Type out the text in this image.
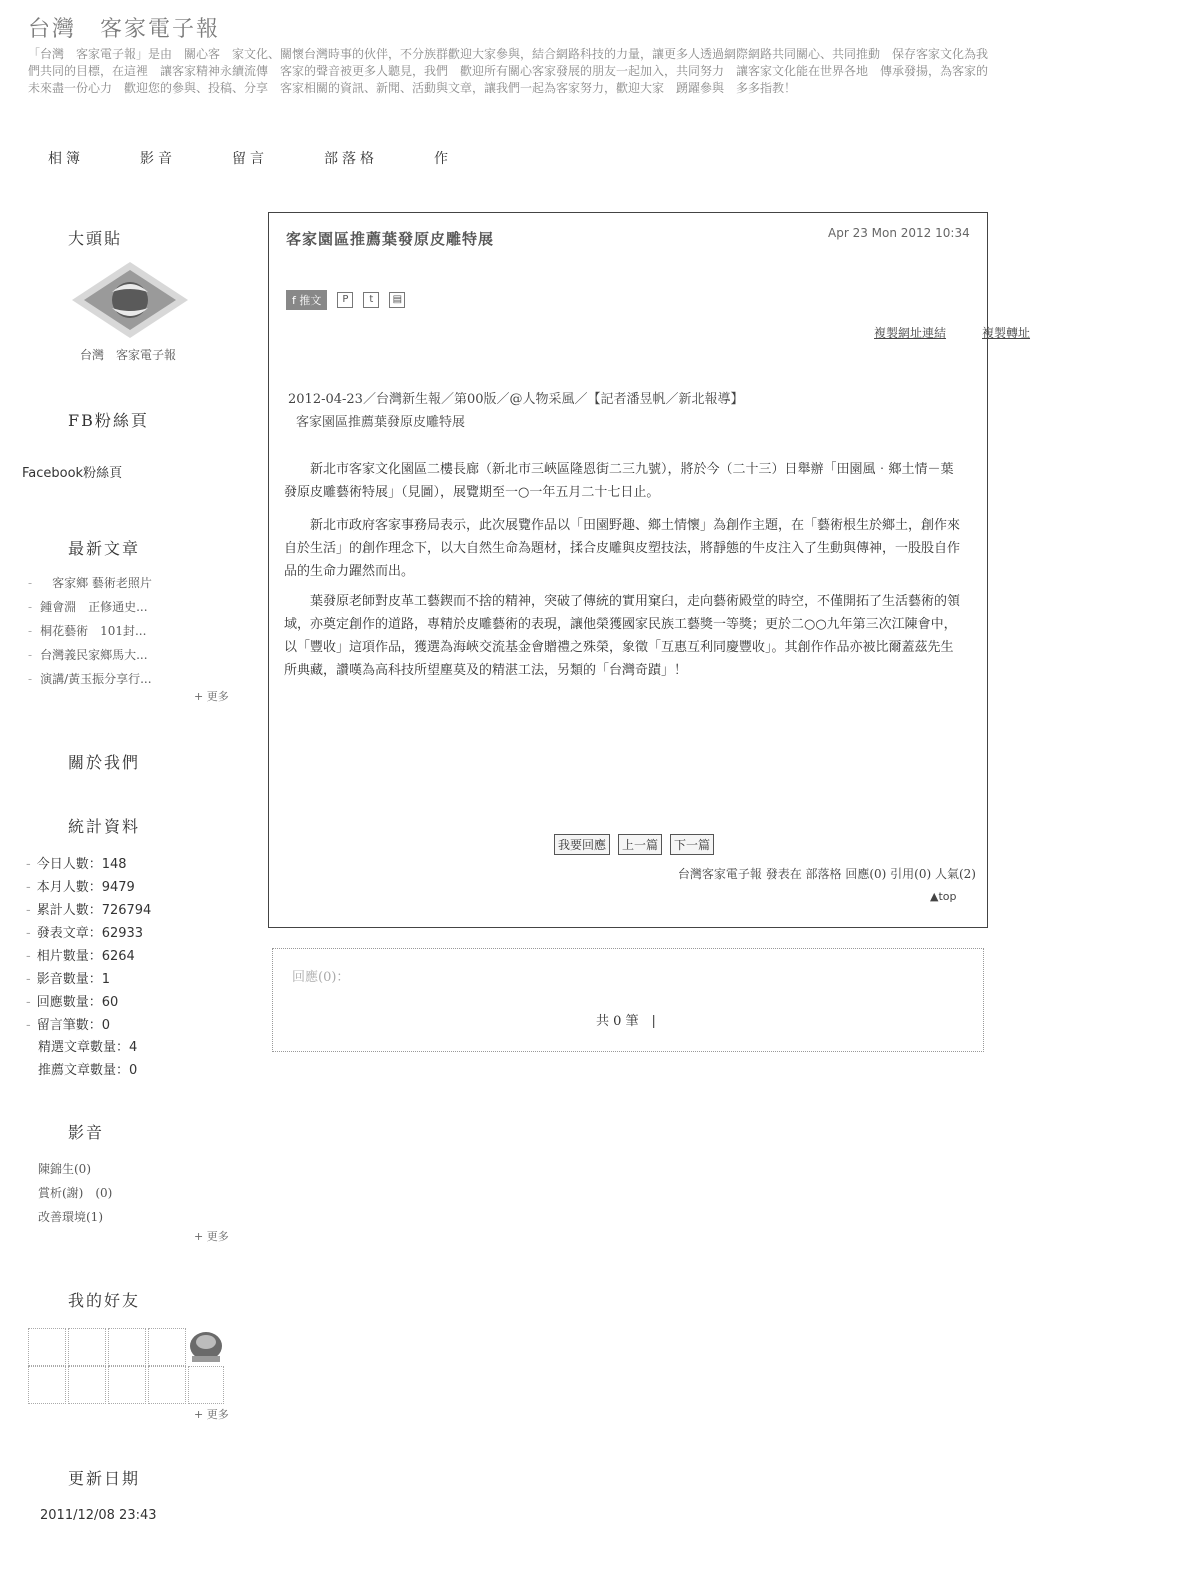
台灣　客家電子報
「台灣　客家電子報」是由　關心客　家文化、關懷台灣時事的伙伴，不分族群歡迎大家參與，結合網路科技的力量，讓更多人透過網際網路共同關心、共同推動　保存客家文化為我們共同的目標，在這裡　讓客家精神永續流傳　客家的聲音被更多人聽見，我們　歡迎所有關心客家發展的朋友一起加入，共同努力　讓客家文化能在世界各地　傳承發揚，為客家的未來盡一份心力　歡迎您的參與、投稿、分享　客家相關的資訊、新聞、活動與文章，讓我們一起為客家努力，歡迎大家　踴躍參與　多多指教！
相簿	影音	留言	部落格	作
大頭貼
台灣　客家電子報
FB粉絲頁
Facebook粉絲頁
最新文章
-　客家鄉 藝術老照片
- 鍾會淵　正修通史...
- 桐花藝術　101封...
- 台灣義民家鄉馬大...
- 演講/黃玉振分享行...
+ 更多
關於我們
統計資料
- 今日人數：148
- 本月人數：9479
- 累計人數：726794
- 發表文章：62933
- 相片數量：6264
- 影音數量：1
- 回應數量：60
- 留言筆數：0
精選文章數量：4
推薦文章數量：0
影音
陳錦生(0)
賞析(謝)　(0)
改善環境(1)
+ 更多
我的好友
+ 更多
更新日期
2011/12/08 23:43
客家園區推薦葉發原皮雕特展	Apr 23 Mon 2012 10:34
f 推文	P	t	▤
複製網址連結	複製轉址
2012-04-23／台灣新生報／第00版／@人物采風／【記者潘昱帆／新北報導】
客家園區推薦葉發原皮雕特展
新北市客家文化園區二樓長廊（新北市三峽區隆恩街二三九號），將於今（二十三）日舉辦「田園風‧鄉土情－葉發原皮雕藝術特展」（見圖），展覽期至一○一年五月二十七日止。
新北市政府客家事務局表示，此次展覽作品以「田園野趣、鄉土情懷」為創作主題，在「藝術根生於鄉土，創作來自於生活」的創作理念下，以大自然生命為題材，揉合皮雕與皮塑技法，將靜態的牛皮注入了生動與傳神，一股股自作品的生命力躍然而出。
葉發原老師對皮革工藝鍥而不捨的精神，突破了傳統的實用窠臼，走向藝術殿堂的時空，不僅開拓了生活藝術的領域，亦奠定創作的道路，專精於皮雕藝術的表現，讓他榮獲國家民族工藝獎一等獎；更於二○○九年第三次江陳會中，以「豐收」這項作品，獲選為海峽交流基金會贈禮之殊榮，象徵「互惠互利同慶豐收」。其創作作品亦被比爾蓋茲先生所典藏，讚嘆為高科技所望塵莫及的精湛工法，另類的「台灣奇蹟」！
我要回應	上一篇	下一篇
台灣客家電子報 發表在 部落格 回應(0) 引用(0) 人氣(2)
▲top
回應(0)：
共 0 筆　|
